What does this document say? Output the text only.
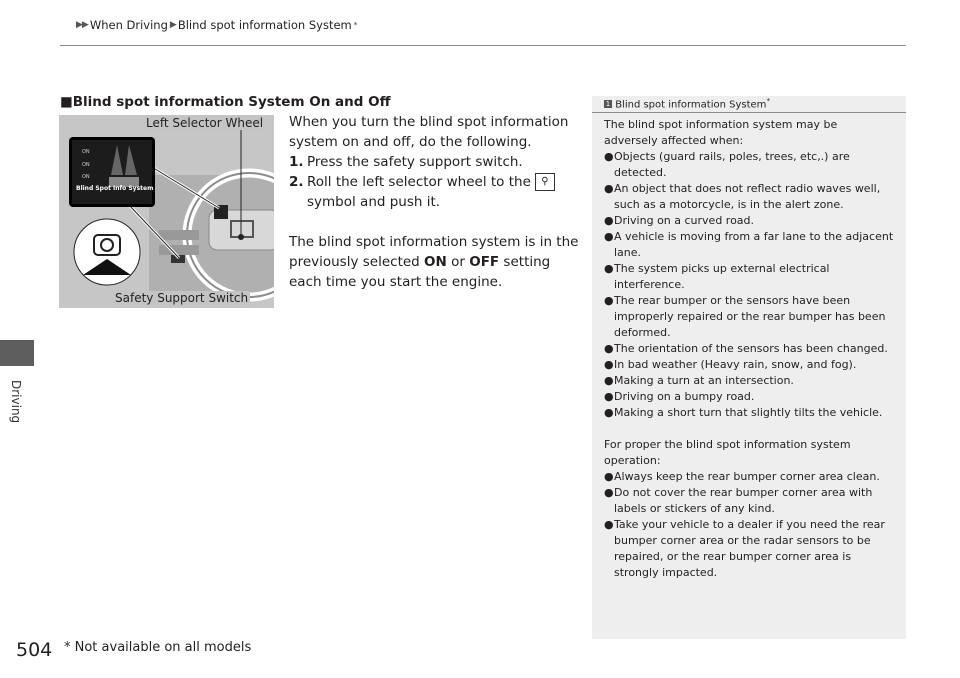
▶▶ When Driving ▶ Blind spot information System *
Driving
■Blind spot information System On and Off
ON
ON
ON
Blind Spot Info System
Left Selector Wheel
Safety Support Switch

When you turn the blind spot information system on and off, do the following.

1. Press the safety support switch.
2. Roll the left selector wheel to the ⚲
symbol and push it.

The blind spot information system is in the previously selected ON or OFF setting each time you start the engine.

1 Blind spot information System*

The blind spot information system may be adversely affected when:

● Objects (guard rails, poles, trees, etc,.) are detected.
● An object that does not reflect radio waves well, such as a motorcycle, is in the alert zone.
● Driving on a curved road.
● A vehicle is moving from a far lane to the adjacent lane.
● The system picks up external electrical interference.
● The rear bumper or the sensors have been improperly repaired or the rear bumper has been deformed.
● The orientation of the sensors has been changed.
● In bad weather (Heavy rain, snow, and fog).
● Making a turn at an intersection.
● Driving on a bumpy road.
● Making a short turn that slightly tilts the vehicle.

For proper the blind spot information system operation:

● Always keep the rear bumper corner area clean.
● Do not cover the rear bumper corner area with labels or stickers of any kind.
● Take your vehicle to a dealer if you need the rear bumper corner area or the radar sensors to be repaired, or the rear bumper corner area is strongly impacted.
504 * Not available on all models
